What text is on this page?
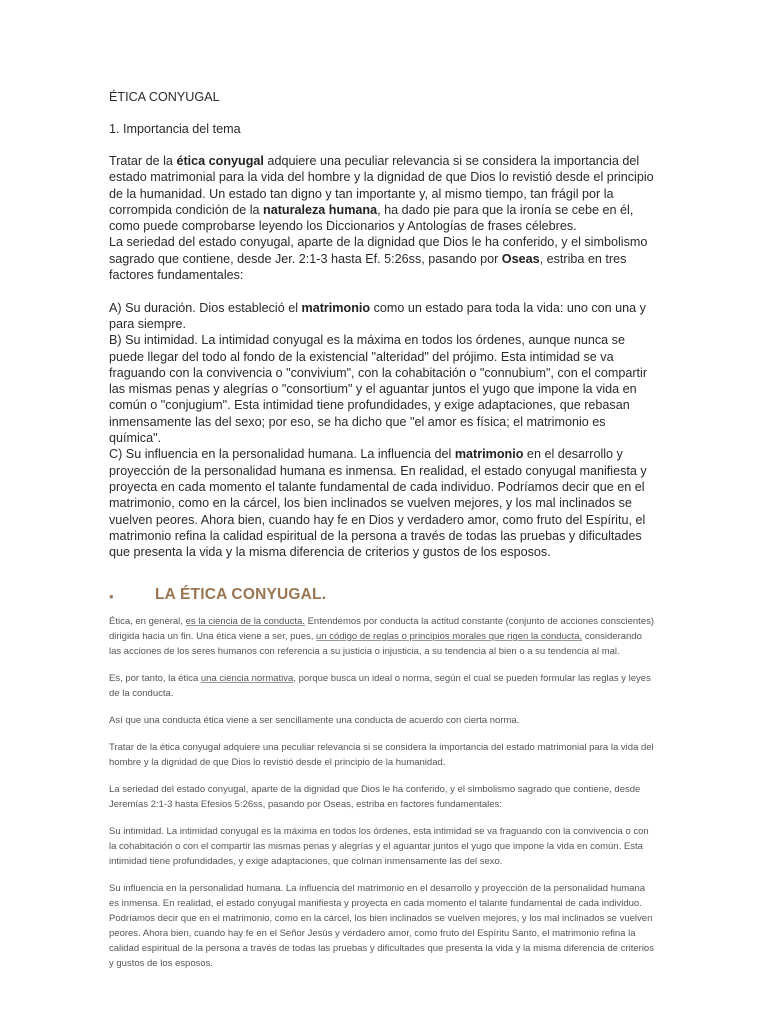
ÉTICA CONYUGAL
1. Importancia del tema

Tratar de la ética conyugal adquiere una peculiar relevancia si se considera la importancia del estado matrimonial para la vida del hombre y la dignidad de que Dios lo revistió desde el principio de la humanidad. Un estado tan digno y tan importante y, al mismo tiempo, tan frágil por la corrompida condición de la naturaleza humana, ha dado pie para que la ironía se cebe en él, como puede comprobarse leyendo los Diccionarios y Antologías de frases célebres.

La seriedad del estado conyugal, aparte de la dignidad que Dios le ha conferido, y el simbolismo sagrado que contiene, desde Jer. 2:1-3 hasta Ef. 5:26ss, pasando por Oseas, estriba en tres factores fundamentales:

A) Su duración. Dios estableció el matrimonio como un estado para toda la vida: uno con una y para siempre.

B) Su intimidad. La intimidad conyugal es la máxima en todos los órdenes, aunque nunca se puede llegar del todo al fondo de la existencial "alteridad" del prójimo. Esta intimidad se va fraguando con la convivencia o "convivium", con la cohabitación o "connubium", con el compartir las mismas penas y alegrías o "consortium" y el aguantar juntos el yugo que impone la vida en común o "conjugium". Esta intimidad tiene profundidades, y exige adaptaciones, que rebasan inmensamente las del sexo; por eso, se ha dicho que "el amor es física; el matrimonio es química".

C) Su influencia en la personalidad humana. La influencia del matrimonio en el desarrollo y proyección de la personalidad humana es inmensa. En realidad, el estado conyugal manifiesta y proyecta en cada momento el talante fundamental de cada individuo. Podríamos decir que en el matrimonio, como en la cárcel, los bien inclinados se vuelven mejores, y los mal inclinados se vuelven peores. Ahora bien, cuando hay fe en Dios y verdadero amor, como fruto del Espíritu, el matrimonio refina la calidad espiritual de la persona a través de todas las pruebas y dificultades que presenta la vida y la misma diferencia de criterios y gustos de los esposos.

•	LA ÉTICA CONYUGAL.

Ética, en general, es la ciencia de la conducta. Entendemos por conducta la actitud constante (conjunto de acciones conscientes) dirigida hacia un fin. Una ética viene a ser, pues, un código de reglas o principios morales que rigen la conducta, considerando las acciones de los seres humanos con referencia a su justicia o injusticia, a su tendencia al bien o a su tendencia al mal.

Es, por tanto, la ética una ciencia normativa, porque busca un ideal o norma, según el cual se pueden formular las reglas y leyes de la conducta.

Así que una conducta ética viene a ser sencillamente una conducta de acuerdo con cierta norma.

Tratar de la ética conyugal adquiere una peculiar relevancia si se considera la importancia del estado matrimonial para la vida del hombre y la dignidad de que Dios lo revistió desde el principio de la humanidad.

La seriedad del estado conyugal, aparte de la dignidad que Dios le ha conferido, y el simbolismo sagrado que contiene, desde Jeremías 2:1-3 hasta Efesios 5:26ss, pasando por Oseas, estriba en factores fundamentales:

Su intimidad. La intimidad conyugal es la máxima en todos los órdenes, esta intimidad se va fraguando con la convivencia o con la cohabitación o con el compartir las mismas penas y alegrías y el aguantar juntos el yugo que impone la vida en común. Esta intimidad tiene profundidades, y exige adaptaciones, que colman inmensamente las del sexo.

Su influencia en la personalidad humana. La influencia del matrimonio en el desarrollo y proyección de la personalidad humana es inmensa. En realidad, el estado conyugal manifiesta y proyecta en cada momento el talante fundamental de cada individuo. Podríamos decir que en el matrimonio, como en la cárcel, los bien inclinados se vuelven mejores, y los mal inclinados se vuelven peores. Ahora bien, cuando hay fe en el Señor Jesús y verdadero amor, como fruto del Espíritu Santo, el matrimonio refina la calidad espiritual de la persona a través de todas las pruebas y dificultades que presenta la vida y la misma diferencia de criterios y gustos de los esposos.
